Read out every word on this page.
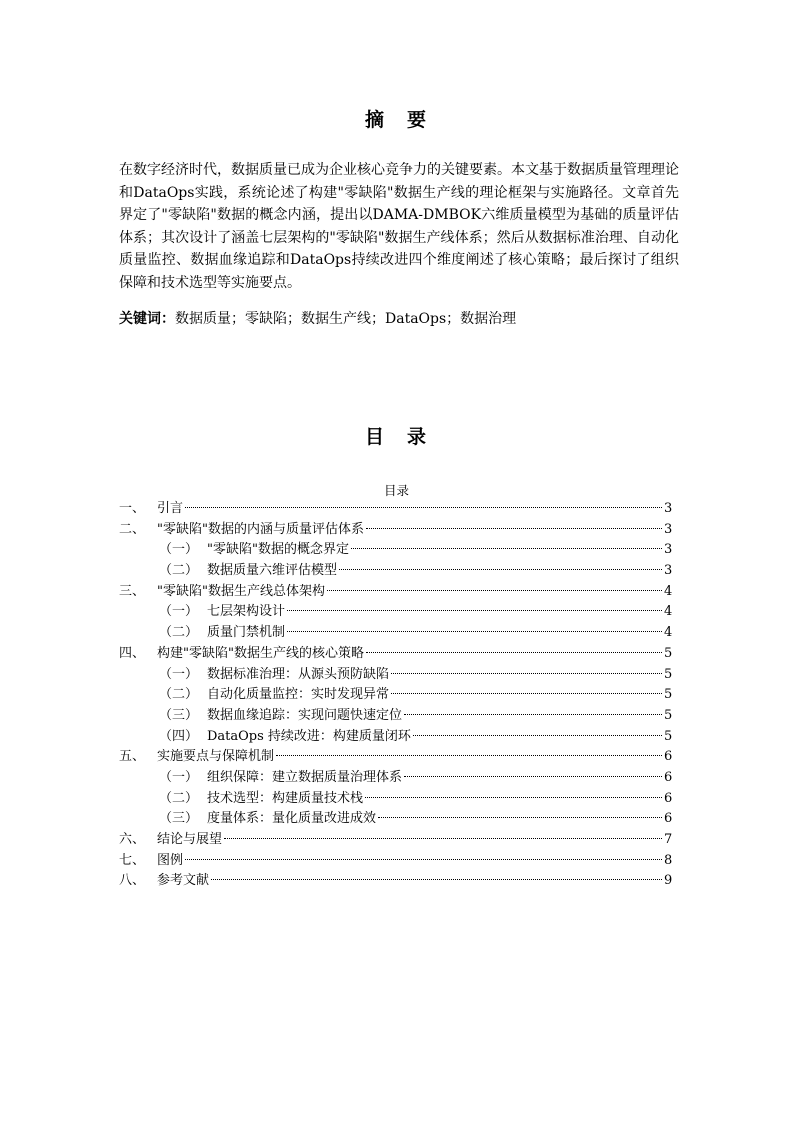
摘　要
在数字经济时代，数据质量已成为企业核心竞争力的关键要素。本文基于数据质量管理理论和DataOps实践，系统论述了构建"零缺陷"数据生产线的理论框架与实施路径。文章首先界定了"零缺陷"数据的概念内涵，提出以DAMA-DMBOK六维质量模型为基础的质量评估体系；其次设计了涵盖七层架构的"零缺陷"数据生产线体系；然后从数据标准治理、自动化质量监控、数据血缘追踪和DataOps持续改进四个维度阐述了核心策略；最后探讨了组织保障和技术选型等实施要点。
关键词：数据质量；零缺陷；数据生产线；DataOps；数据治理
目　录
目录
一、 引言	3
二、 "零缺陷"数据的内涵与质量评估体系	3
（一） "零缺陷"数据的概念界定	3
（二） 数据质量六维评估模型	3
三、 "零缺陷"数据生产线总体架构	4
（一） 七层架构设计	4
（二） 质量门禁机制	4
四、 构建"零缺陷"数据生产线的核心策略	5
（一） 数据标准治理：从源头预防缺陷	5
（二） 自动化质量监控：实时发现异常	5
（三） 数据血缘追踪：实现问题快速定位	5
（四） DataOps 持续改进：构建质量闭环	5
五、 实施要点与保障机制	6
（一） 组织保障：建立数据质量治理体系	6
（二） 技术选型：构建质量技术栈	6
（三） 度量体系：量化质量改进成效	6
六、 结论与展望	7
七、 图例	8
八、 参考文献	9
